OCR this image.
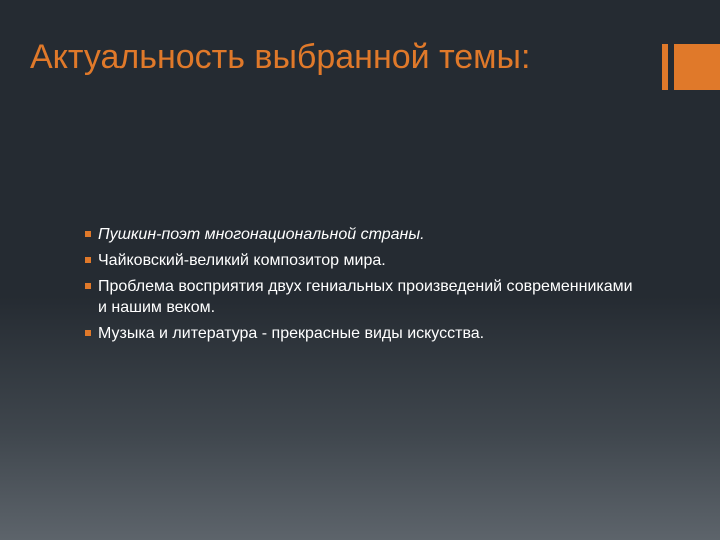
Актуальность выбранной темы:
Пушкин-поэт многонациональной страны.
Чайковский-великий композитор мира.
Проблема восприятия двух гениальных произведений современниками и нашим веком.
Музыка и литература - прекрасные виды искусства.
